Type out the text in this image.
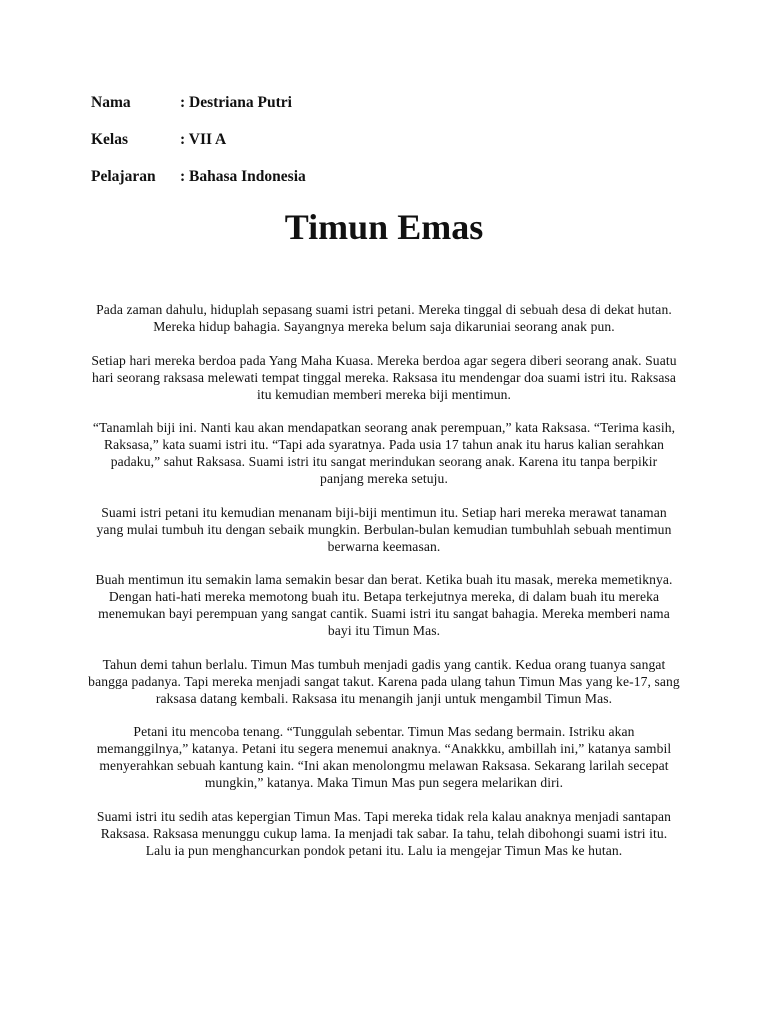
Nama	: Destriana Putri
Kelas	: VII A
Pelajaran	: Bahasa Indonesia
Timun Emas

Pada zaman dahulu, hiduplah sepasang suami istri petani. Mereka tinggal di sebuah desa di dekat hutan. Mereka hidup bahagia. Sayangnya mereka belum saja dikaruniai seorang anak pun.

Setiap hari mereka berdoa pada Yang Maha Kuasa. Mereka berdoa agar segera diberi seorang anak. Suatu hari seorang raksasa melewati tempat tinggal mereka. Raksasa itu mendengar doa suami istri itu. Raksasa itu kemudian memberi mereka biji mentimun.

“Tanamlah biji ini. Nanti kau akan mendapatkan seorang anak perempuan,” kata Raksasa. “Terima kasih, Raksasa,” kata suami istri itu. “Tapi ada syaratnya. Pada usia 17 tahun anak itu harus kalian serahkan padaku,” sahut Raksasa. Suami istri itu sangat merindukan seorang anak. Karena itu tanpa berpikir panjang mereka setuju.

Suami istri petani itu kemudian menanam biji-biji mentimun itu. Setiap hari mereka merawat tanaman yang mulai tumbuh itu dengan sebaik mungkin. Berbulan-bulan kemudian tumbuhlah sebuah mentimun berwarna keemasan.

Buah mentimun itu semakin lama semakin besar dan berat. Ketika buah itu masak, mereka memetiknya. Dengan hati-hati mereka memotong buah itu. Betapa terkejutnya mereka, di dalam buah itu mereka menemukan bayi perempuan yang sangat cantik. Suami istri itu sangat bahagia. Mereka memberi nama bayi itu Timun Mas.

Tahun demi tahun berlalu. Timun Mas tumbuh menjadi gadis yang cantik. Kedua orang tuanya sangat bangga padanya. Tapi mereka menjadi sangat takut. Karena pada ulang tahun Timun Mas yang ke-17, sang raksasa datang kembali. Raksasa itu menangih janji untuk mengambil Timun Mas.

Petani itu mencoba tenang. “Tunggulah sebentar. Timun Mas sedang bermain. Istriku akan memanggilnya,” katanya. Petani itu segera menemui anaknya. “Anakkku, ambillah ini,” katanya sambil menyerahkan sebuah kantung kain. “Ini akan menolongmu melawan Raksasa. Sekarang larilah secepat mungkin,” katanya. Maka Timun Mas pun segera melarikan diri.

Suami istri itu sedih atas kepergian Timun Mas. Tapi mereka tidak rela kalau anaknya menjadi santapan Raksasa. Raksasa menunggu cukup lama. Ia menjadi tak sabar. Ia tahu, telah dibohongi suami istri itu. Lalu ia pun menghancurkan pondok petani itu. Lalu ia mengejar Timun Mas ke hutan.
